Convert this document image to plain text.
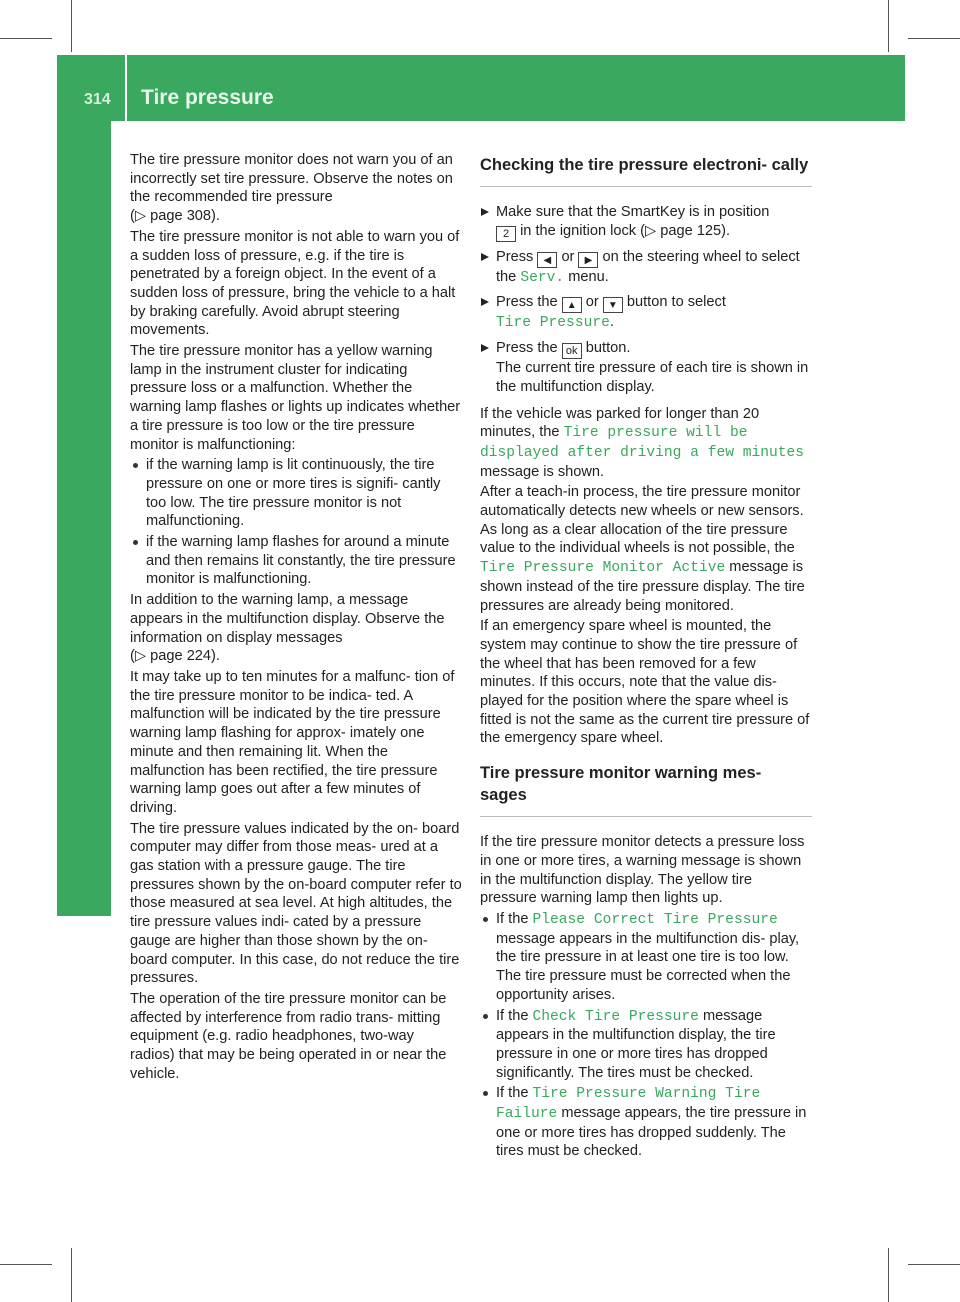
314 Tire pressure
Wheels and tires
The tire pressure monitor does not warn you of an incorrectly set tire pressure. Observe the notes on the recommended tire pressure
(▷ page 308).
The tire pressure monitor is not able to warn you of a sudden loss of pressure, e.g. if the tire is penetrated by a foreign object. In the event of a sudden loss of pressure, bring the vehicle to a halt by braking carefully. Avoid abrupt steering movements.
The tire pressure monitor has a yellow warning lamp in the instrument cluster for indicating pressure loss or a malfunction. Whether the warning lamp flashes or lights up indicates whether a tire pressure is too low or the tire pressure monitor is malfunctioning:
if the warning lamp is lit continuously, the tire pressure on one or more tires is signifi- cantly too low. The tire pressure monitor is not malfunctioning.
if the warning lamp flashes for around a minute and then remains lit constantly, the tire pressure monitor is malfunctioning.
In addition to the warning lamp, a message appears in the multifunction display. Observe the information on display messages
(▷ page 224).
It may take up to ten minutes for a malfunc- tion of the tire pressure monitor to be indica- ted. A malfunction will be indicated by the tire pressure warning lamp flashing for approx- imately one minute and then remaining lit. When the malfunction has been rectified, the tire pressure warning lamp goes out after a few minutes of driving.
The tire pressure values indicated by the on- board computer may differ from those meas- ured at a gas station with a pressure gauge. The tire pressures shown by the on-board computer refer to those measured at sea level. At high altitudes, the tire pressure values indi- cated by a pressure gauge are higher than those shown by the on-board computer. In this case, do not reduce the tire pressures.
The operation of the tire pressure monitor can be affected by interference from radio trans- mitting equipment (e.g. radio headphones, two-way radios) that may be being operated in or near the vehicle.
Checking the tire pressure electroni- cally
Make sure that the SmartKey is in position
2 in the ignition lock (▷ page 125).
Press ◀ or ▶ on the steering wheel to select the Serv. menu.
Press the ▲ or ▼ button to select
Tire Pressure.
Press the ok button.
The current tire pressure of each tire is shown in the multifunction display.
If the vehicle was parked for longer than 20 minutes, the Tire pressure will be displayed after driving a few minutes message is shown.
After a teach-in process, the tire pressure monitor automatically detects new wheels or new sensors. As long as a clear allocation of the tire pressure value to the individual wheels is not possible, the Tire Pressure Monitor Active message is shown instead of the tire pressure display. The tire pressures are already being monitored.
If an emergency spare wheel is mounted, the system may continue to show the tire pressure of the wheel that has been removed for a few minutes. If this occurs, note that the value dis- played for the position where the spare wheel is fitted is not the same as the current tire pressure of the emergency spare wheel.
Tire pressure monitor warning mes- sages
If the tire pressure monitor detects a pressure loss in one or more tires, a warning message is shown in the multifunction display. The yellow tire pressure warning lamp then lights up.
If the Please Correct Tire Pressure message appears in the multifunction dis- play, the tire pressure in at least one tire is too low. The tire pressure must be corrected when the opportunity arises.
If the Check Tire Pressure message appears in the multifunction display, the tire pressure in one or more tires has dropped significantly. The tires must be checked.
If the Tire Pressure Warning Tire Failure message appears, the tire pressure in one or more tires has dropped suddenly. The tires must be checked.
